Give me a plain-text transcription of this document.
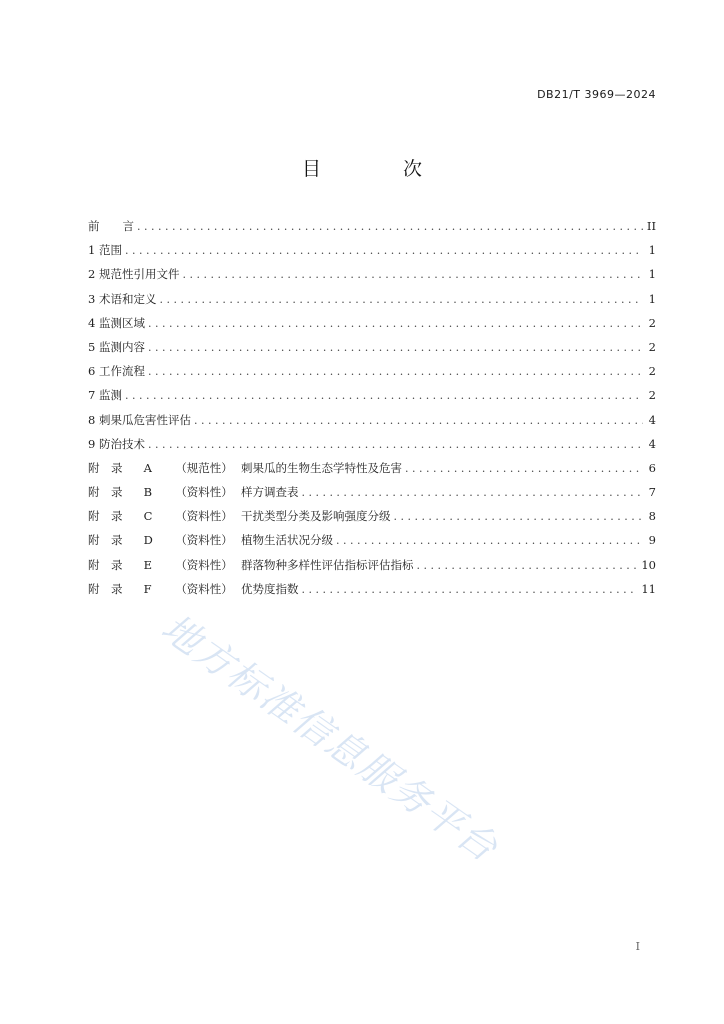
DB21/T 3969—2024
目 次
前　　言 . . .	II
1 范围 . . .	1
2 规范性引用文件 . . .	1
3 术语和定义 . . .	1
4 监测区域 . . .	2
5 监测内容 . . .	2
6 工作流程 . . .	2
7 监测 . . .	2
8 刺果瓜危害性评估 . . .	4
9 防治技术 . . .	4
附　录 A （规范性） 刺果瓜的生物生态学特性及危害 . . .	6
附　录 B （资料性） 样方调查表 . . .	7
附　录 C （资料性） 干扰类型分类及影响强度分级 . . .	8
附　录 D （资料性） 植物生活状况分级 . . .	9
附　录 E （资料性） 群落物种多样性评估指标评估指标 . . .	10
附　录 F （资料性） 优势度指数 . . .	11
地方标准信息服务平台
I
